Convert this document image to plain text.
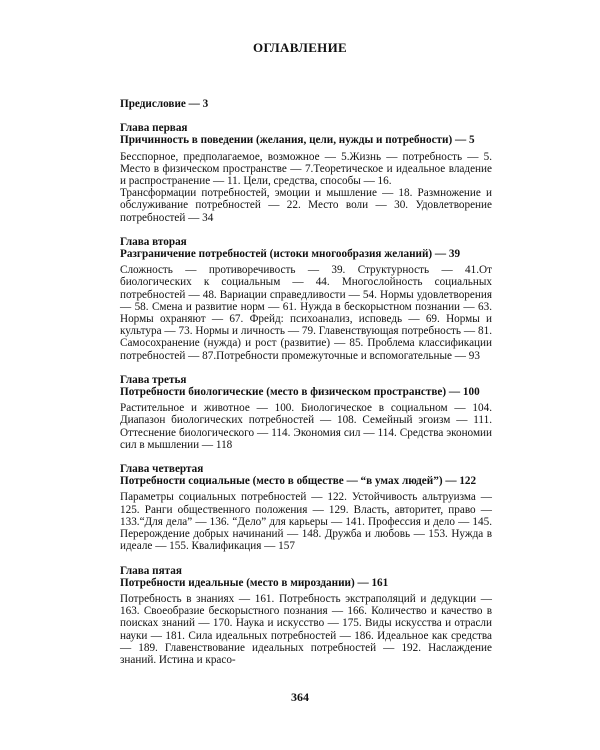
ОГЛАВЛЕНИЕ
Предисловие — 3
Глава первая
Причинность в поведении (желания, цели, нужды и потребности) — 5
Бесспорное, предполагаемое, возможное — 5.Жизнь — потребность — 5. Место в физическом пространстве — 7.Теоретическое и идеальное владение и распространение — 11. Цели, средства, способы — 16.
Трансформации потребностей, эмоции и мышление — 18. Размножение и обслуживание потребностей — 22. Место воли — 30. Удовлетворение потребностей — 34
Глава вторая
Разграничение потребностей (истоки многообразия желаний) — 39
Сложность — противоречивость — 39. Структурность — 41.От биологических к социальным — 44. Многослойность социальных потребностей — 48. Вариации справедливости — 54. Нормы удовлетворения — 58. Смена и развитие норм — 61. Нужда в бескорыстном познании — 63. Нормы охраняют — 67. Фрейд: психоанализ, исповедь — 69. Нормы и культура — 73. Нормы и личность — 79. Главенствующая потребность — 81. Самосохранение (нужда) и рост (развитие) — 85. Проблема классификации потребностей — 87.Потребности промежуточные и вспомогательные — 93
Глава третья
Потребности биологические (место в физическом пространстве) — 100
Растительное и животное — 100. Биологическое в социальном — 104. Диапазон биологических потребностей — 108. Семейный эгоизм — 111. Оттеснение биологического — 114. Экономия сил — 114. Средства экономии сил в мышлении — 118
Глава четвертая
Потребности социальные (место в обществе — “в умах людей”) — 122
Параметры социальных потребностей — 122. Устойчивость альтруизма — 125. Ранги общественного положения — 129. Власть, авторитет, право — 133.“Для дела” — 136. “Дело” для карьеры — 141. Профессия и дело — 145. Перерождение добрых начинаний — 148. Дружба и любовь — 153. Нужда в идеале — 155. Квалификация — 157
Глава пятая
Потребности идеальные (место в мироздании) — 161
Потребность в знаниях — 161. Потребность экстраполяций и дедукции — 163. Своеобразие бескорыстного познания — 166. Количество и качество в поисках знаний — 170. Наука и искусство — 175. Виды искусства и отрасли науки — 181. Сила идеальных потребностей — 186. Идеальное как средства — 189. Главенствование идеальных потребностей — 192. Наслаждение знаний. Истина и красо-
364
